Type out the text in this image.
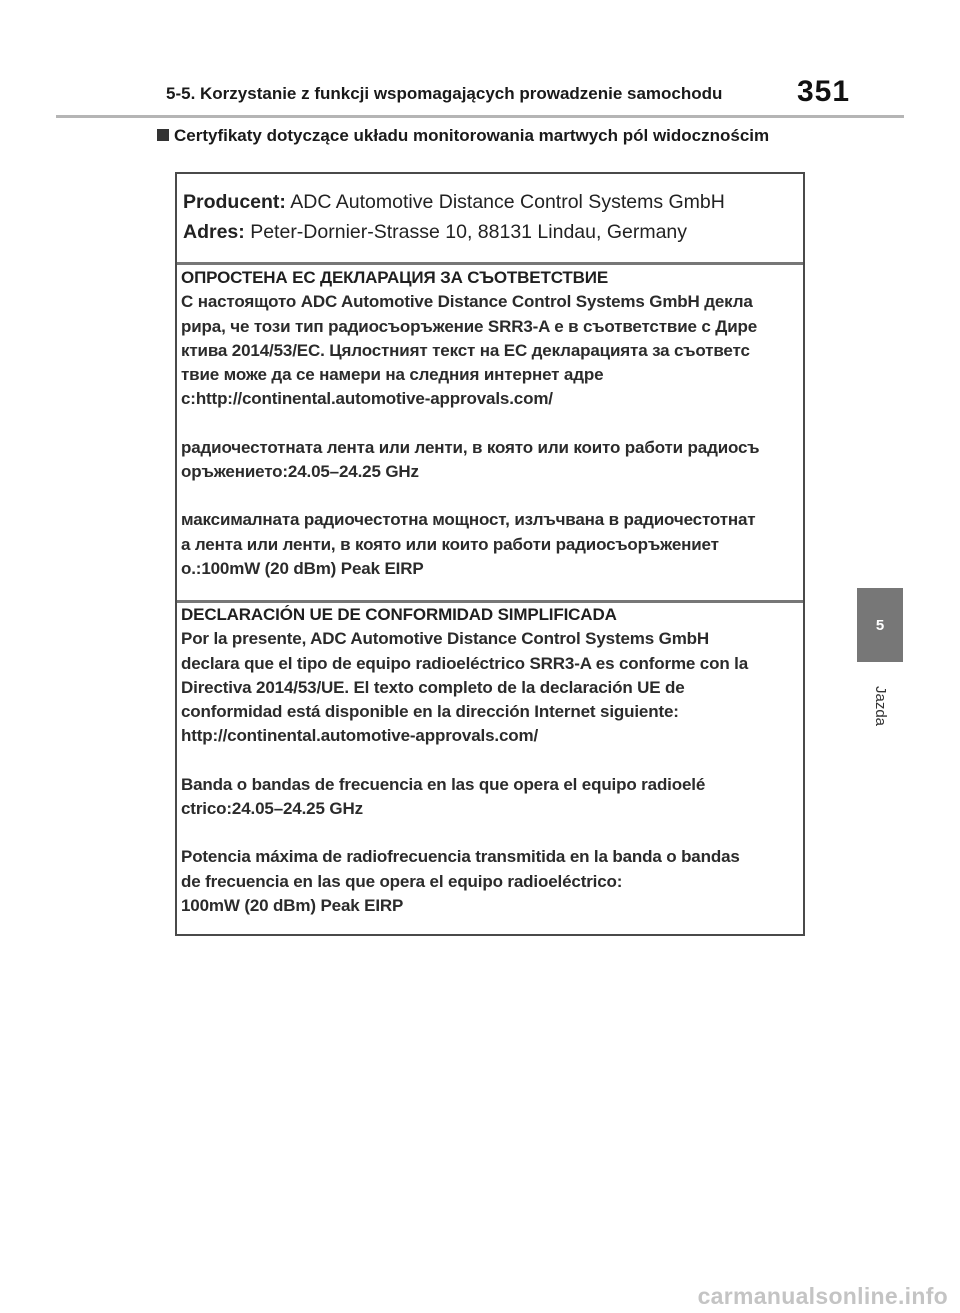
5-5. Korzystanie z funkcji wspomagających prowadzenie samochodu 351
Certyfikaty dotyczące układu monitorowania martwych pól widocznościm
Producent: ADC Automotive Distance Control Systems GmbH
Adres: Peter-Dornier-Strasse 10, 88131 Lindau, Germany
ОПРОСТЕНА ЕС ДЕКЛАРАЦИЯ ЗА СЪОТВЕТСТВИЕ
С настоящото ADC Automotive Distance Control Systems GmbH декла
рира, че този тип радиосъоръжение SRR3-A е в съответствие с Дире
ктива 2014/53/ЕС. Цялостният текст на ЕС декларацията за съответс
твие може да се намери на следния интернет адре
с:http://continental.automotive-approvals.com/
радиочестотната лента или ленти, в която или които работи радиосъ
оръжението:24.05–24.25 GHz
максималната радиочестотна мощност, излъчвана в радиочестотнат
а лента или ленти, в която или които работи радиосъоръжениет
о.:100mW (20 dBm) Peak EIRP
DECLARACIÓN UE DE CONFORMIDAD SIMPLIFICADA
Por la presente, ADC Automotive Distance Control Systems GmbH
declara que el tipo de equipo radioeléctrico SRR3-A es conforme con la
Directiva 2014/53/UE. El texto completo de la declaración UE de
conformidad está disponible en la dirección Internet siguiente:
http://continental.automotive-approvals.com/
Banda o bandas de frecuencia en las que opera el equipo radioelé
ctrico:24.05–24.25 GHz
Potencia máxima de radiofrecuencia transmitida en la banda o bandas
de frecuencia en las que opera el equipo radioeléctrico:
100mW (20 dBm) Peak EIRP
5
Jazda
carmanualsonline.info
